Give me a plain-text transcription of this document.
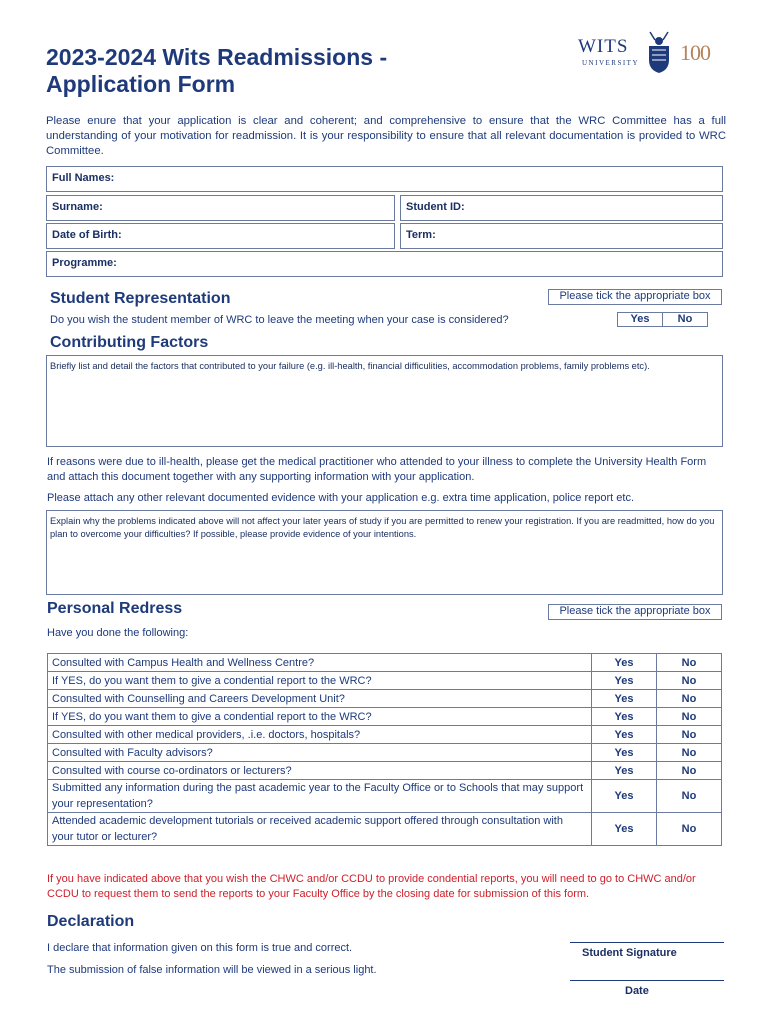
2023-2024 Wits Readmissions -
Application Form
WITS
UNIVERSITY 100
Please enure that your application is clear and coherent; and comprehensive to ensure that the WRC Committee has a full understanding of your motivation for readmission. It is your responsibility to ensure that all relevant documentation is provided to WRC Committee.
Full Names:
Surname:	Student ID:
Date of Birth:	Term:
Programme:
Student Representation	Please tick the appropriate box
Do you wish the student member of WRC to leave the meeting when your case is considered?	Yes	No
Contributing Factors
Briefly list and detail the factors that contributed to your failure (e.g. ill-health, financial difficulities, accommodation problems, family problems etc).
If reasons were due to ill-health, please get the medical practitioner who attended to your illness to complete the University Health Form and attach this document together with any supporting information with your application.
Please attach any other relevant documented evidence with your application e.g. extra time application, police report etc.
Explain why the problems indicated above will not affect your later years of study if you are permitted to renew your registration. If you are readmitted, how do you plan to overcome your difficulties? If possible, please provide evidence of your intentions.
Personal Redress	Please tick the appropriate box
Have you done the following:
Consulted with Campus Health and Wellness Centre?	Yes	No
If YES, do you want them to give a condential report to the WRC?	Yes	No
Consulted with Counselling and Careers Development Unit?	Yes	No
If YES, do you want them to give a condential report to the WRC?	Yes	No
Consulted with other medical providers, .i.e. doctors, hospitals?	Yes	No
Consulted with Faculty advisors?	Yes	No
Consulted with course co-ordinators or lecturers?	Yes	No
Submitted any information during the past academic year to the Faculty Office or to Schools that may support your representation?	Yes	No
Attended academic development tutorials or received academic support offered through consultation with your tutor or lecturer?	Yes	No
If you have indicated above that you wish the CHWC and/or CCDU to provide condential reports, you will need to go to CHWC and/or CCDU to request them to send the reports to your Faculty Office by the closing date for submission of this form.
Declaration
I declare that information given on this form is true and correct.
The submission of false information will be viewed in a serious light.
Student Signature
Date
